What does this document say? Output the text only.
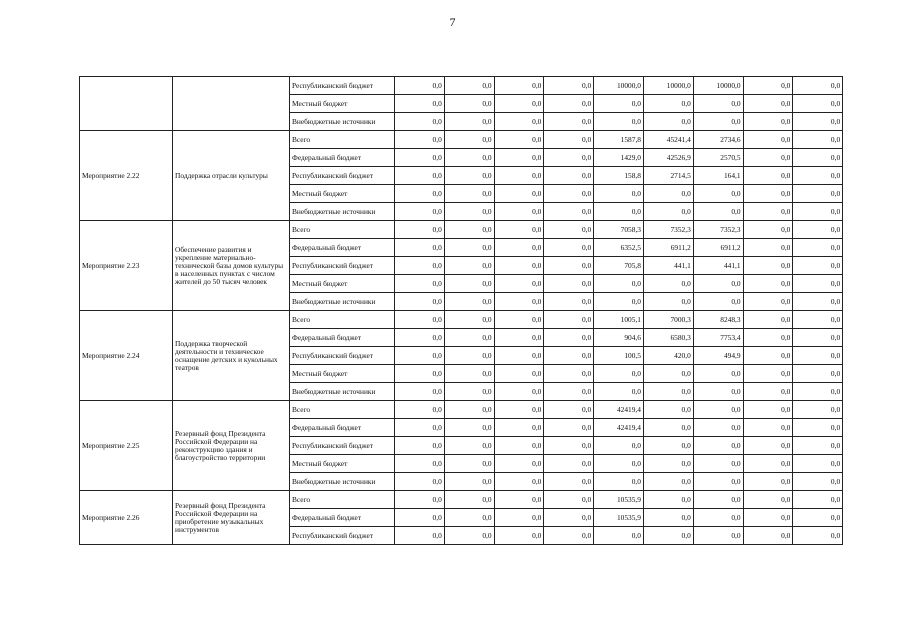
7
		Республиканский бюджет	0,0	0,0	0,0	0,0	10000,0	10000,0	10000,0	0,0	0,0
		Местный бюджет	0,0	0,0	0,0	0,0	0,0	0,0	0,0	0,0	0,0
		Внебюджетные источники	0,0	0,0	0,0	0,0	0,0	0,0	0,0	0,0	0,0
Мероприятие 2.22	Поддержка отрасли культуры	Всего	0,0	0,0	0,0	0,0	1587,8	45241,4	2734,6	0,0	0,0
		Федеральный бюджет	0,0	0,0	0,0	0,0	1429,0	42526,9	2570,5	0,0	0,0
		Республиканский бюджет	0,0	0,0	0,0	0,0	158,8	2714,5	164,1	0,0	0,0
		Местный бюджет	0,0	0,0	0,0	0,0	0,0	0,0	0,0	0,0	0,0
		Внебюджетные источники	0,0	0,0	0,0	0,0	0,0	0,0	0,0	0,0	0,0
Мероприятие 2.23	Обеспечение развития и укрепление материально-технической базы домов культуры в населенных пунктах с числом жителей до 50 тысяч человек	Всего	0,0	0,0	0,0	0,0	7058,3	7352,3	7352,3	0,0	0,0
		Федеральный бюджет	0,0	0,0	0,0	0,0	6352,5	6911,2	6911,2	0,0	0,0
		Республиканский бюджет	0,0	0,0	0,0	0,0	705,8	441,1	441,1	0,0	0,0
		Местный бюджет	0,0	0,0	0,0	0,0	0,0	0,0	0,0	0,0	0,0
		Внебюджетные источники	0,0	0,0	0,0	0,0	0,0	0,0	0,0	0,0	0,0
Мероприятие 2.24	Поддержка творческой деятельности и техническое оснащение детских и кукольных театров	Всего	0,0	0,0	0,0	0,0	1005,1	7000,3	8248,3	0,0	0,0
		Федеральный бюджет	0,0	0,0	0,0	0,0	904,6	6580,3	7753,4	0,0	0,0
		Республиканский бюджет	0,0	0,0	0,0	0,0	100,5	420,0	494,9	0,0	0,0
		Местный бюджет	0,0	0,0	0,0	0,0	0,0	0,0	0,0	0,0	0,0
		Внебюджетные источники	0,0	0,0	0,0	0,0	0,0	0,0	0,0	0,0	0,0
Мероприятие 2.25	Резервный фонд Президента Российской Федерации на реконструкцию здания и благоустройство территории	Всего	0,0	0,0	0,0	0,0	42419,4	0,0	0,0	0,0	0,0
		Федеральный бюджет	0,0	0,0	0,0	0,0	42419,4	0,0	0,0	0,0	0,0
		Республиканский бюджет	0,0	0,0	0,0	0,0	0,0	0,0	0,0	0,0	0,0
		Местный бюджет	0,0	0,0	0,0	0,0	0,0	0,0	0,0	0,0	0,0
		Внебюджетные источники	0,0	0,0	0,0	0,0	0,0	0,0	0,0	0,0	0,0
Мероприятие 2.26	Резервный фонд Президента Российской Федерации на приобретение музыкальных инструментов	Всего	0,0	0,0	0,0	0,0	10535,9	0,0	0,0	0,0	0,0
		Федеральный бюджет	0,0	0,0	0,0	0,0	10535,9	0,0	0,0	0,0	0,0
		Республиканский бюджет	0,0	0,0	0,0	0,0	0,0	0,0	0,0	0,0	0,0
